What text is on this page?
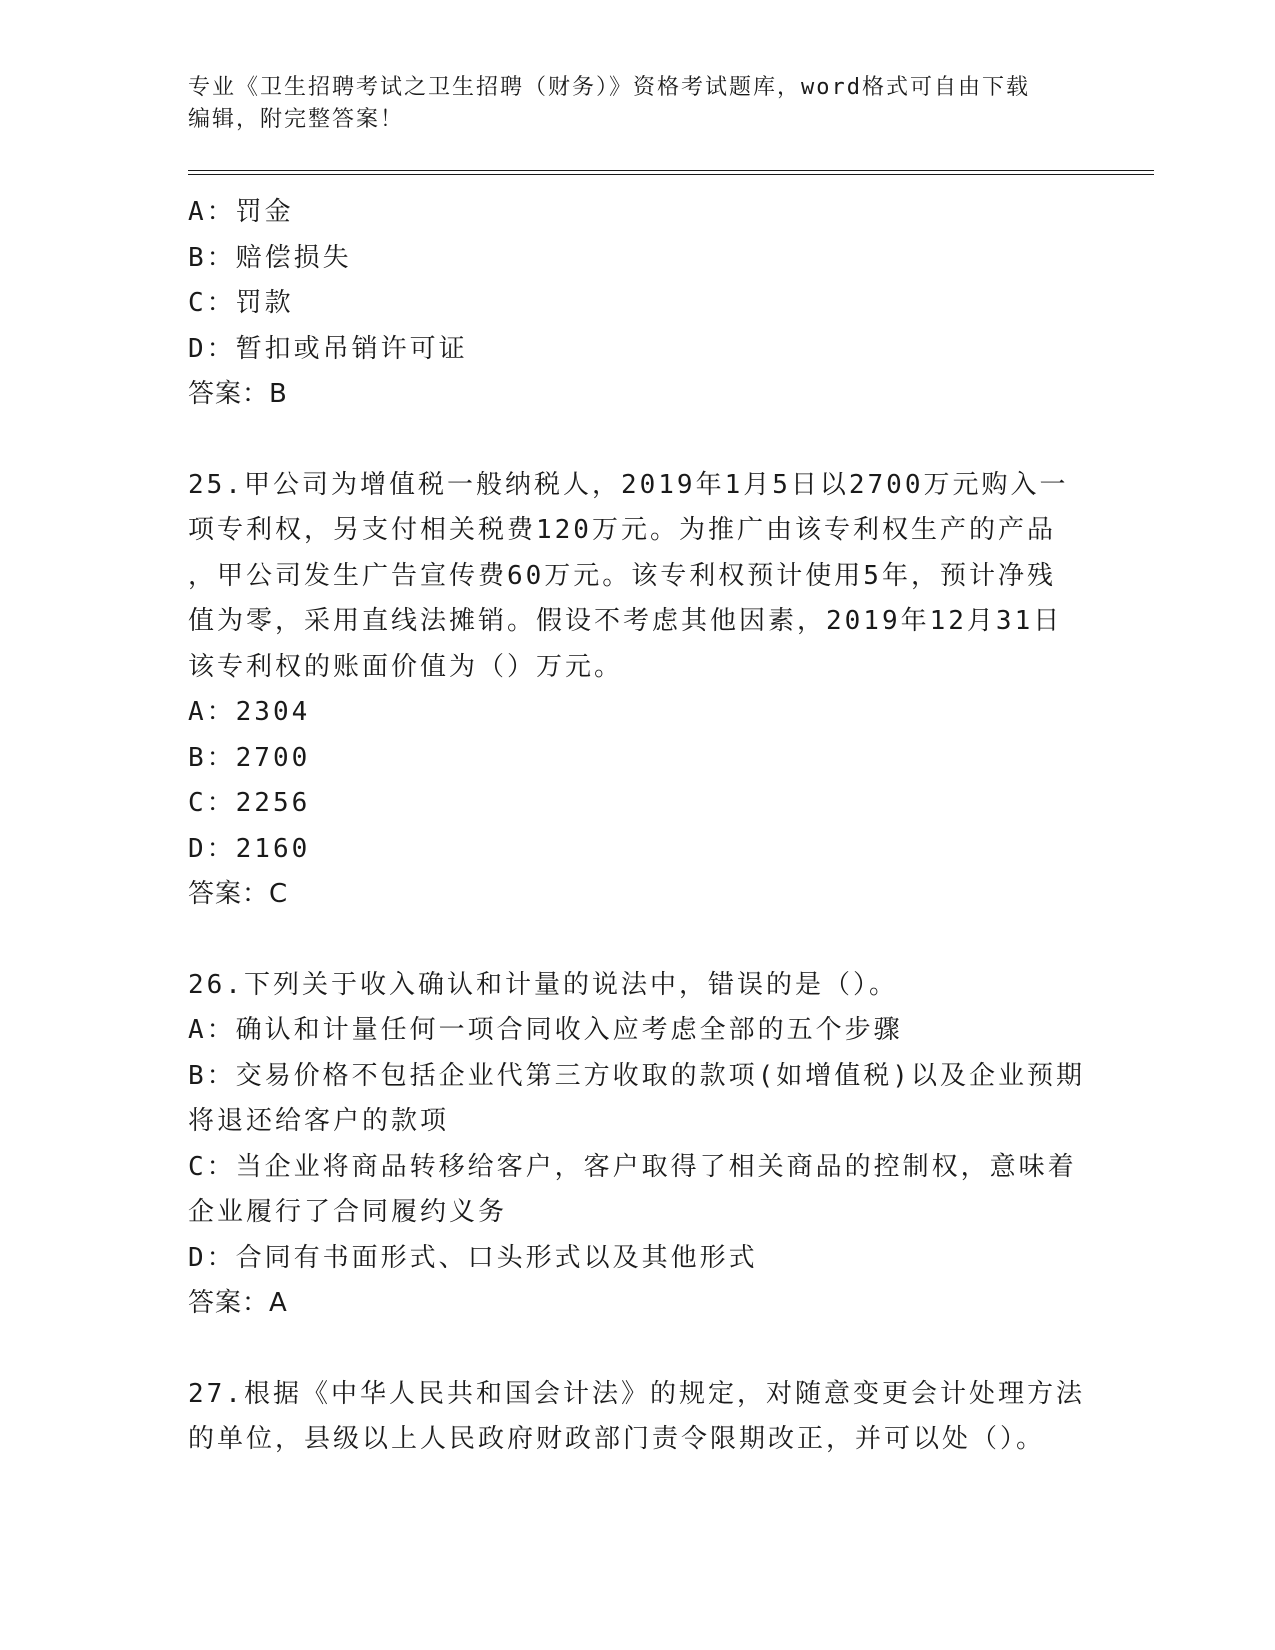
专业《卫生招聘考试之卫生招聘（财务）》资格考试题库，word格式可自由下载
编辑，附完整答案！
A：罚金
B：赔偿损失
C：罚款
D：暂扣或吊销许可证
答案：B
25.甲公司为增值税一般纳税人，2019年1月5日以2700万元购入一
项专利权，另支付相关税费120万元。为推广由该专利权生产的产品
，甲公司发生广告宣传费60万元。该专利权预计使用5年，预计净残
值为零，采用直线法摊销。假设不考虑其他因素，2019年12月31日
该专利权的账面价值为（）万元。
A：2304
B：2700
C：2256
D：2160
答案：C
26.下列关于收入确认和计量的说法中，错误的是（）。
A：确认和计量任何一项合同收入应考虑全部的五个步骤
B：交易价格不包括企业代第三方收取的款项(如增值税)以及企业预期
将退还给客户的款项
C：当企业将商品转移给客户，客户取得了相关商品的控制权，意味着
企业履行了合同履约义务
D：合同有书面形式、口头形式以及其他形式
答案：A
27.根据《中华人民共和国会计法》的规定，对随意变更会计处理方法
的单位，县级以上人民政府财政部门责令限期改正，并可以处（）。
